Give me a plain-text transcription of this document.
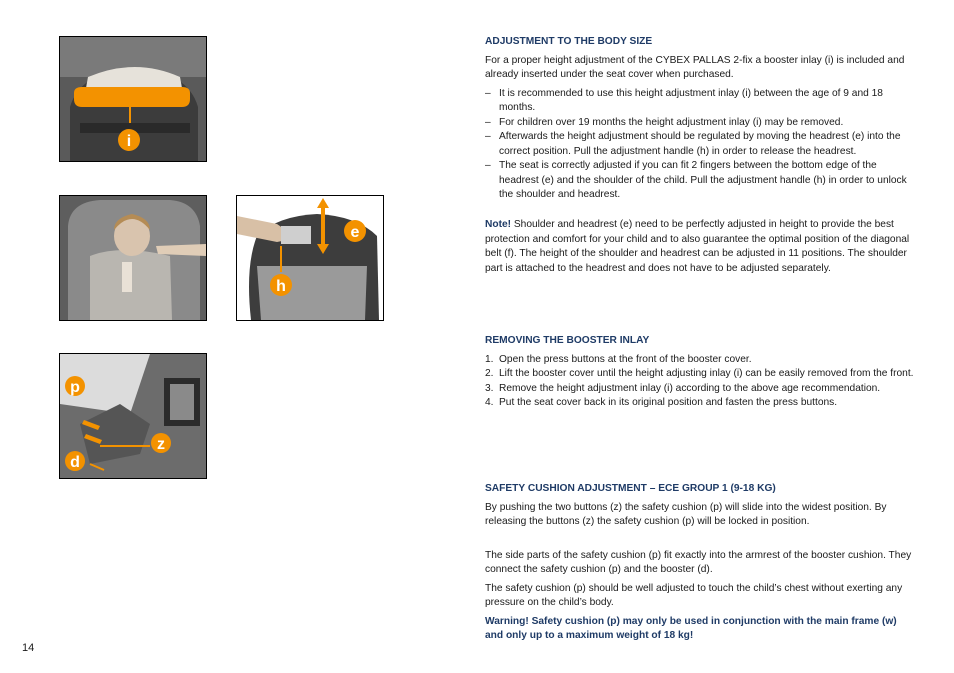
i
e
h
p
z
d
ADJUSTMENT TO THE BODY SIZE

For a proper height adjustment of the CYBEX PALLAS 2-fix a booster inlay (i) is included and already inserted under the seat cover when purchased.

– It is recommended to use this height adjustment inlay (i) between the age of 9 and 18 months.
– For children over 19 months the height adjustment inlay (i) may be removed.
– Afterwards the height adjustment should be regulated by moving the headrest (e) into the correct position. Pull the adjustment handle (h) in order to release the headrest.
– The seat is correctly adjusted if you can fit 2 fingers between the bottom edge of the headrest (e) and the shoulder of the child. Pull the adjustment handle (h) in order to unlock the shoulder and headrest.

Note! Shoulder and headrest (e) need to be perfectly adjusted in height to provide the best protection and comfort for your child and to also guarantee the optimal position of the diagonal belt (f). The height of the shoulder and headrest can be adjusted in 11 positions. The shoulder part is attached to the headrest and does not have to be adjusted separately.

REMOVING THE BOOSTER INLAY
1. Open the press buttons at the front of the booster cover.
2. Lift the booster cover until the height adjusting inlay (i) can be easily removed from the front.
3. Remove the height adjustment inlay (i) according to the above age recommendation.
4. Put the seat cover back in its original position and fasten the press buttons.
SAFETY CUSHION ADJUSTMENT – ECE GROUP 1 (9-18 KG)

By pushing the two buttons (z) the safety cushion (p) will slide into the widest position. By releasing the buttons (z) the safety cushion (p) will be locked in position.

The side parts of the safety cushion (p) fit exactly into the armrest of the booster cushion. They connect the safety cushion (p) and the booster (d).

The safety cushion (p) should be well adjusted to touch the child’s chest without exerting any pressure on the child’s body.

Warning! Safety cushion (p) may only be used in conjunction with the main frame (w) and only up to a maximum weight of 18 kg!

14
